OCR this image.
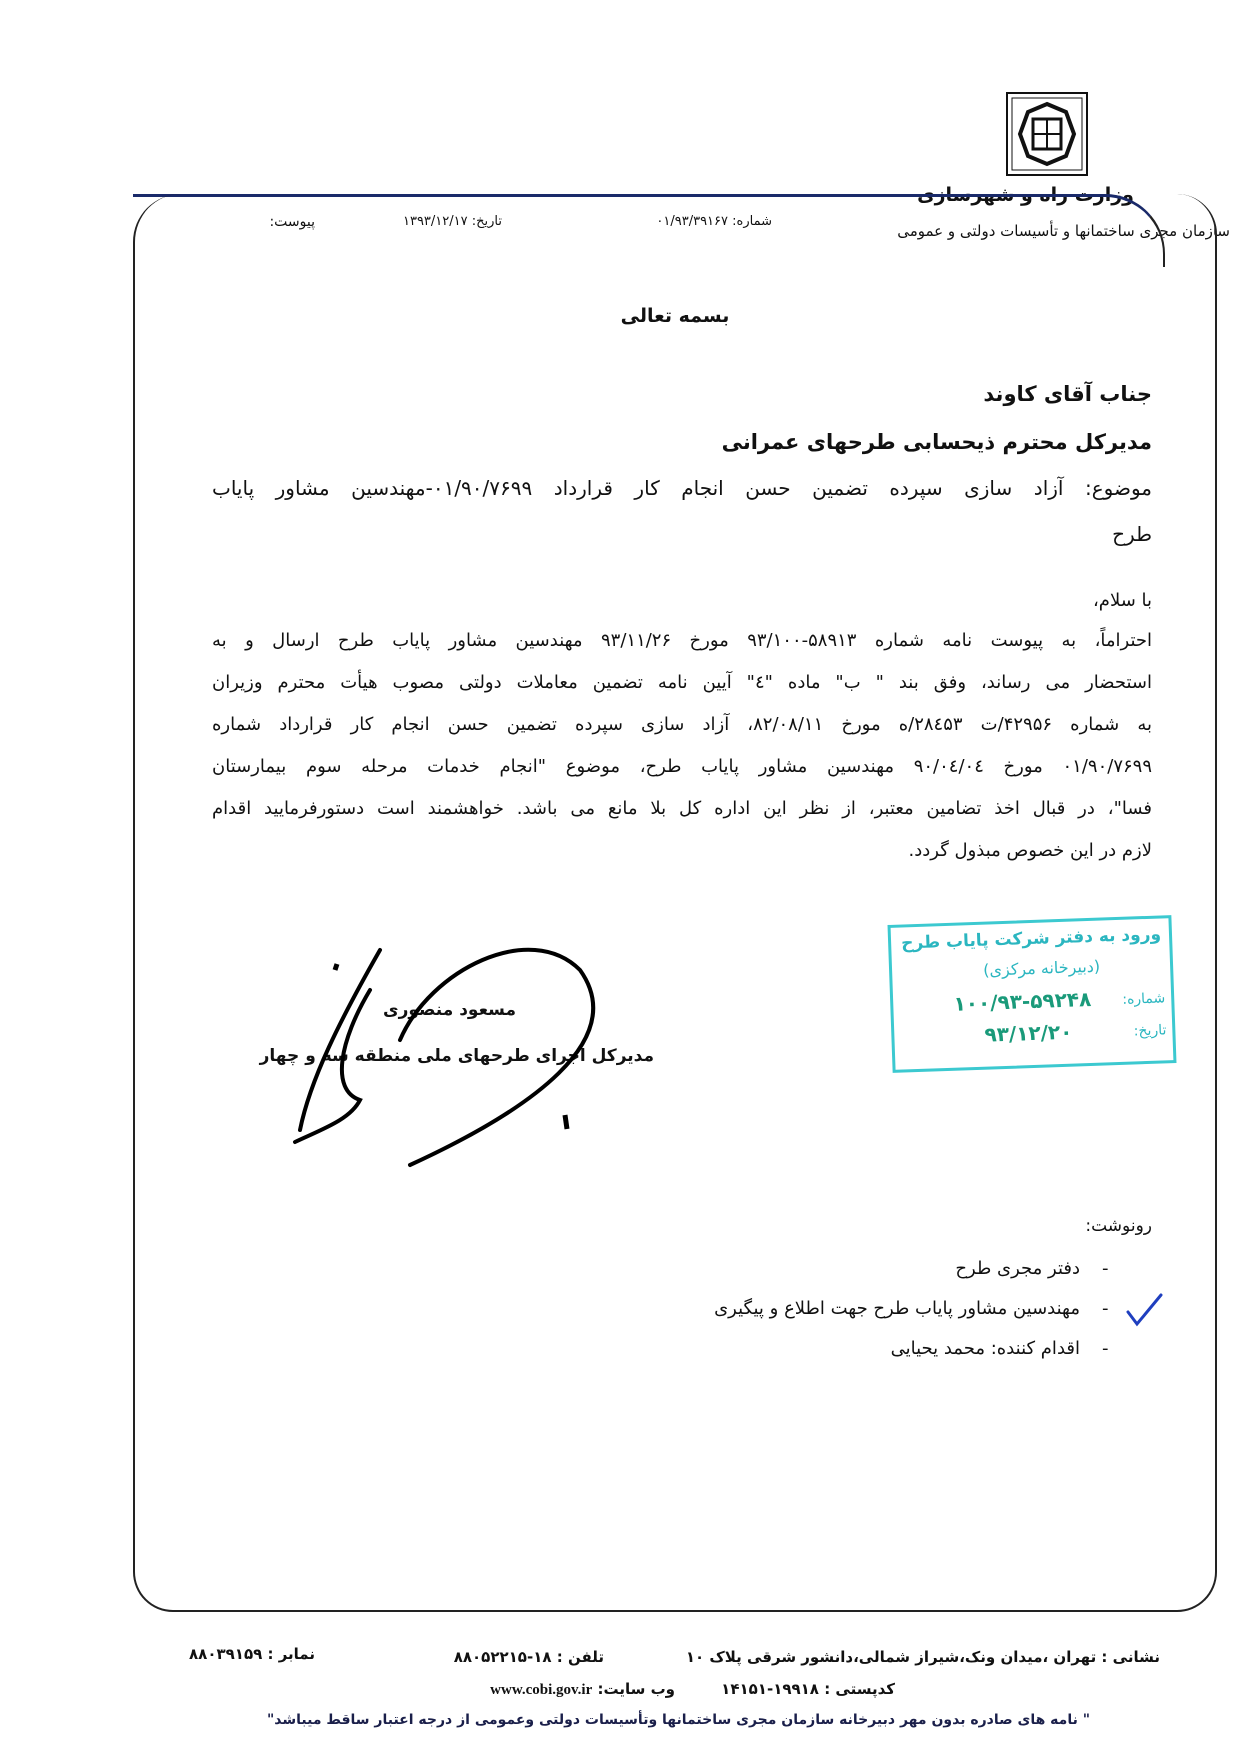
وزارت راه و شهرسازی
سازمان مجری ساختمانها و تأسیسات دولتی و عمومی
شماره: ۰۱/۹۳/۳۹۱۶۷
تاریخ: ۱۳۹۳/۱۲/۱۷
پیوست:
بسمه تعالی
جناب آقای کاوند
مدیرکل محترم ذیحسابی طرحهای عمرانی
موضوع: آزاد سازی سپرده تضمین حسن انجام کار قرارداد ۰۱/۹۰/۷۶۹۹-مهندسین مشاور پایاب
طرح
با سلام،
احتراماً، به پیوست نامه شماره ۵۸۹۱۳-۹۳/۱۰۰ مورخ ۹۳/۱۱/۲۶ مهندسین مشاور پایاب طرح ارسال و به
استحضار می رساند، وفق بند " ب" ماده "٤" آیین نامه تضمین معاملات دولتی مصوب هیأت محترم وزیران
به شماره ۴۲۹۵۶/ت ۲۸٤۵۳/ه مورخ ۸۲/۰۸/۱۱، آزاد سازی سپرده تضمین حسن انجام کار قرارداد شماره
۰۱/۹۰/۷۶۹۹ مورخ ۹۰/۰٤/۰٤ مهندسین مشاور پایاب طرح، موضوع "انجام خدمات مرحله سوم بیمارستان
فسا"، در قبال اخذ تضامین معتبر، از نظر این اداره کل بلا مانع می باشد. خواهشمند است دستورفرمایید اقدام
لازم در این خصوص مبذول گردد.
ورود به دفتر شرکت پایاب طرح
(دبیرخانه مرکزی)
شماره:
۱۰۰/۹۳-۵۹۲۴۸
تاریخ:
۹۳/۱۲/۲۰
مسعود منصوری
مدیرکل اجرای طرحهای ملی منطقه سه و چهار
رونوشت:
-
دفتر مجری طرح
-
مهندسین مشاور پایاب طرح جهت اطلاع و پیگیری
-
اقدام کننده: محمد یحیایی
نشانی : تهران ،میدان ونک،شیراز شمالی،دانشور شرقی پلاک ۱۰
تلفن : ۱۸-۸۸۰۵۲۲۱۵
نمابر : ۸۸۰۳۹۱۵۹
کدپستی : ۱۹۹۱۸-۱۴۱۵۱
وب سایت: www.cobi.gov.ir
" نامه های صادره بدون مهر دبیرخانه سازمان مجری ساختمانها وتأسیسات دولتی وعمومی از درجه اعتبار ساقط میباشد"
